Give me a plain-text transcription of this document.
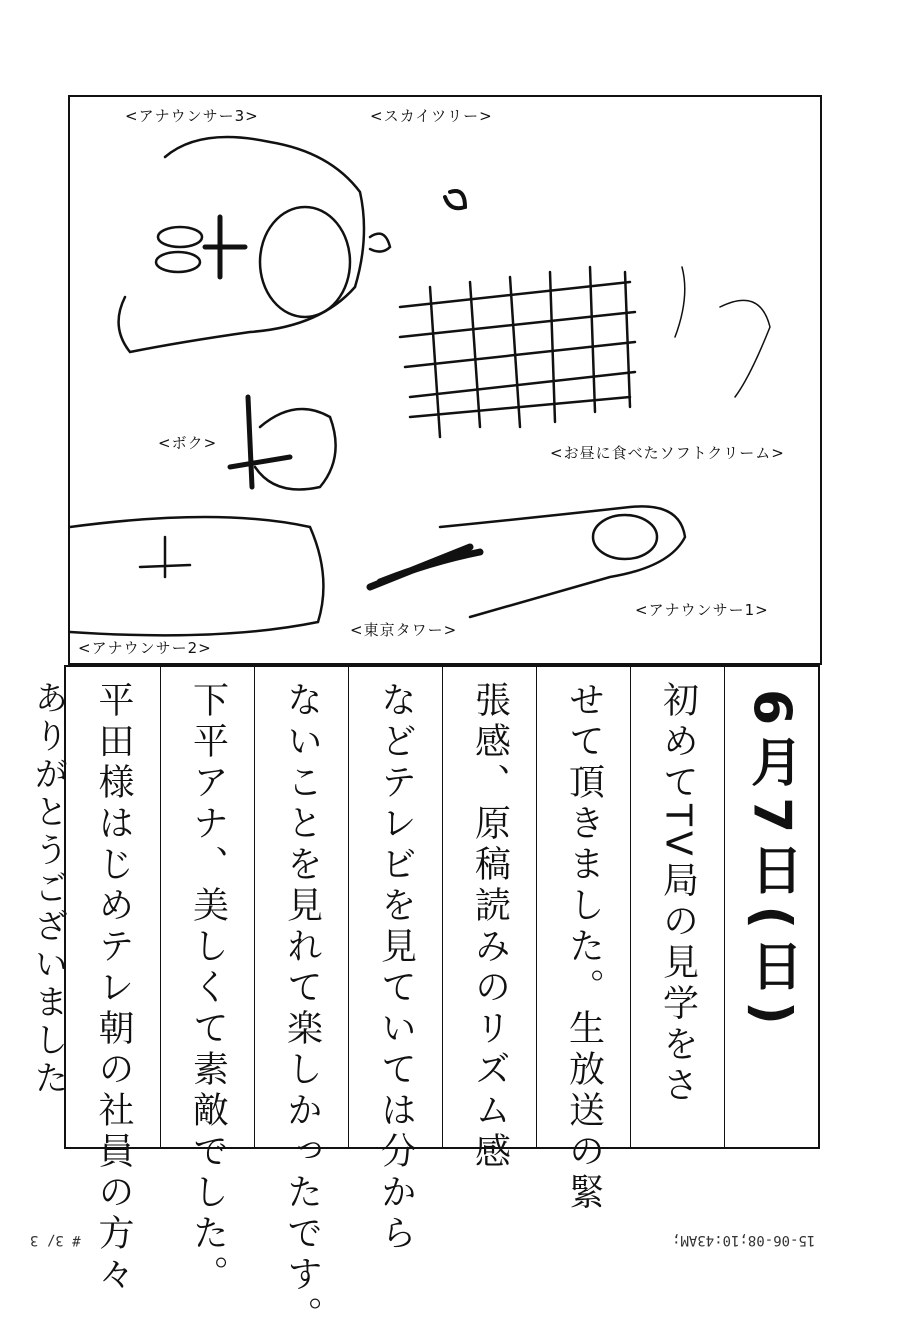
<アナウンサー3>	<スカイツリー>
<ボク>
<お昼に食べたソフトクリーム>
<アナウンサー2>
<東京タワー>
<アナウンサー1>
平田様はじめテレ朝の社員の方々 下平アナ、美しくて素敵でした。 ないことを見れて楽しかったです。 などテレビを見ていては分から 張感、原稿読みのリズム感 せて頂きました。生放送の緊 初めてTV局の見学をさ 6月7日(日)
ありがとうございました
# 3/ 3	15-06-08;10:43AM;
